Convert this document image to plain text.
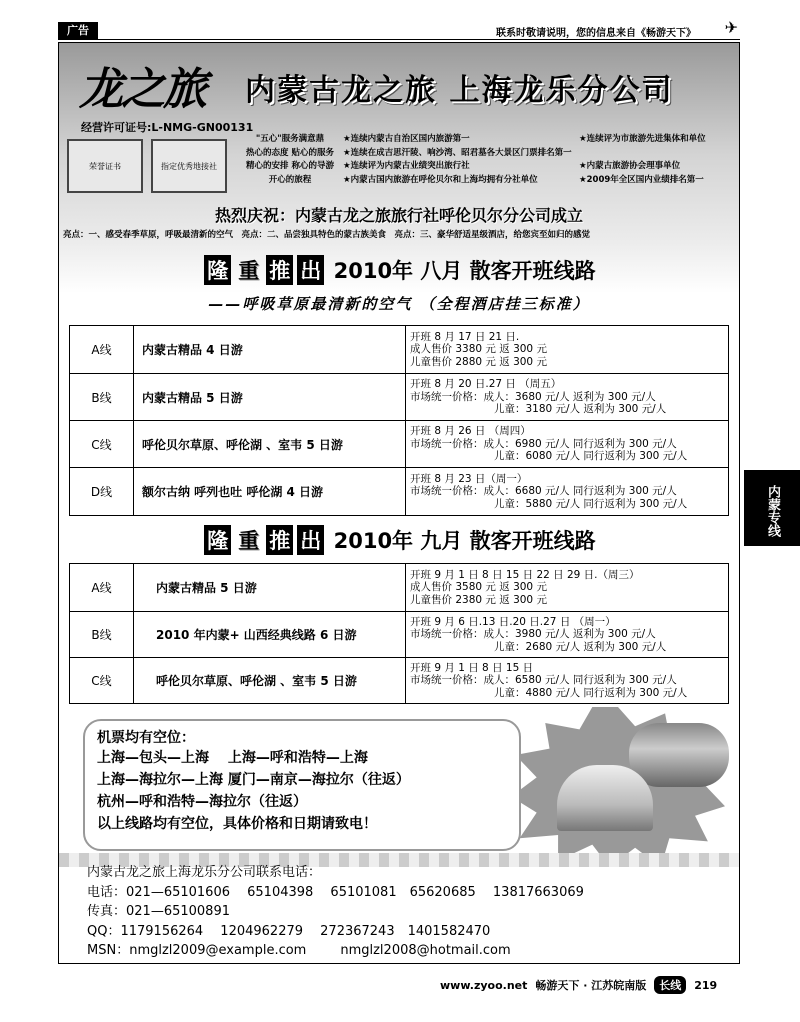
广告	联系时敬请说明，您的信息来自《畅游天下》 ✈
龙之旅 内蒙古龙之旅 上海龙乐分公司
经营许可证号:L-NMG-GN00131
荣誉证书	指定优秀地接社
"五心"服务满意鼎	★连续内蒙古自治区国内旅游第一	★连续评为市旅游先进集体和单位
热心的态度 贴心的服务	★连续在成吉思汗陵、响沙湾、昭君墓各大景区门票排名第一
精心的安排 称心的导游	★连续评为内蒙古业绩突出旅行社	★内蒙古旅游协会理事单位
开心的旅程	★内蒙古国内旅游在呼伦贝尔和上海均拥有分社单位	★2009年全区国内业绩排名第一
热烈庆祝：内蒙古龙之旅旅行社呼伦贝尔分公司成立
亮点：一、感受春季草原，呼吸最清新的空气　亮点：二、品尝独具特色的蒙古族美食　亮点：三、豪华舒适星级酒店，给您宾至如归的感觉
隆 重 推 出 2010年 八月 散客开班线路
——呼吸草原最清新的空气 （全程酒店挂三标准）
A线	内蒙古精品 4 日游	开班 8 月 17 日 21 日.
成人售价 3380 元 返 300 元
儿童售价 2880 元 返 300 元

B线	内蒙古精品 5 日游	开班 8 月 20 日.27 日 （周五）
市场统一价格：成人：3680 元/人 返利为 300 元/人
儿童：3180 元/人 返利为 300 元/人

C线	呼伦贝尔草原、呼伦湖 、室韦 5 日游	开班 8 月 26 日 （周四）
市场统一价格：成人：6980 元/人 同行返利为 300 元/人
儿童：6080 元/人 同行返利为 300 元/人

D线	额尔古纳 呼列也吐 呼伦湖 4 日游	开班 8 月 23 日（周一）
市场统一价格：成人：6680 元/人 同行返利为 300 元/人
儿童：5880 元/人 同行返利为 300 元/人
隆 重 推 出 2010年 九月 散客开班线路
A线	内蒙古精品 5 日游	开班 9 月 1 日 8 日 15 日 22 日 29 日.（周三）
成人售价 3580 元 返 300 元
儿童售价 2380 元 返 300 元

B线	2010 年内蒙+ 山西经典线路 6 日游	开班 9 月 6 日.13 日.20 日.27 日 （周一）
市场统一价格：成人：3980 元/人 返利为 300 元/人
儿童：2680 元/人 返利为 300 元/人

C线	呼伦贝尔草原、呼伦湖 、室韦 5 日游	开班 9 月 1 日 8 日 15 日
市场统一价格：成人：6580 元/人 同行返利为 300 元/人
儿童：4880 元/人 同行返利为 300 元/人
机票均有空位：
上海—包头—上海　 上海—呼和浩特—上海
上海—海拉尔—上海 厦门—南京—海拉尔（往返）
杭州—呼和浩特—海拉尔（往返）
以上线路均有空位，具体价格和日期请致电！
内蒙古龙之旅上海龙乐分公司联系电话：
电话： 021—65101606　 65104398　 65101081　65620685　 13817663069
传真： 021—65100891
QQ： 1179156264　 1204962279　 272367243　1401582470
MSN： nmglzl2009@example.com	nmglzl2008@hotmail.com
内蒙专线
www.zyoo.net 畅游天下 · 江苏皖南版	长线	219
